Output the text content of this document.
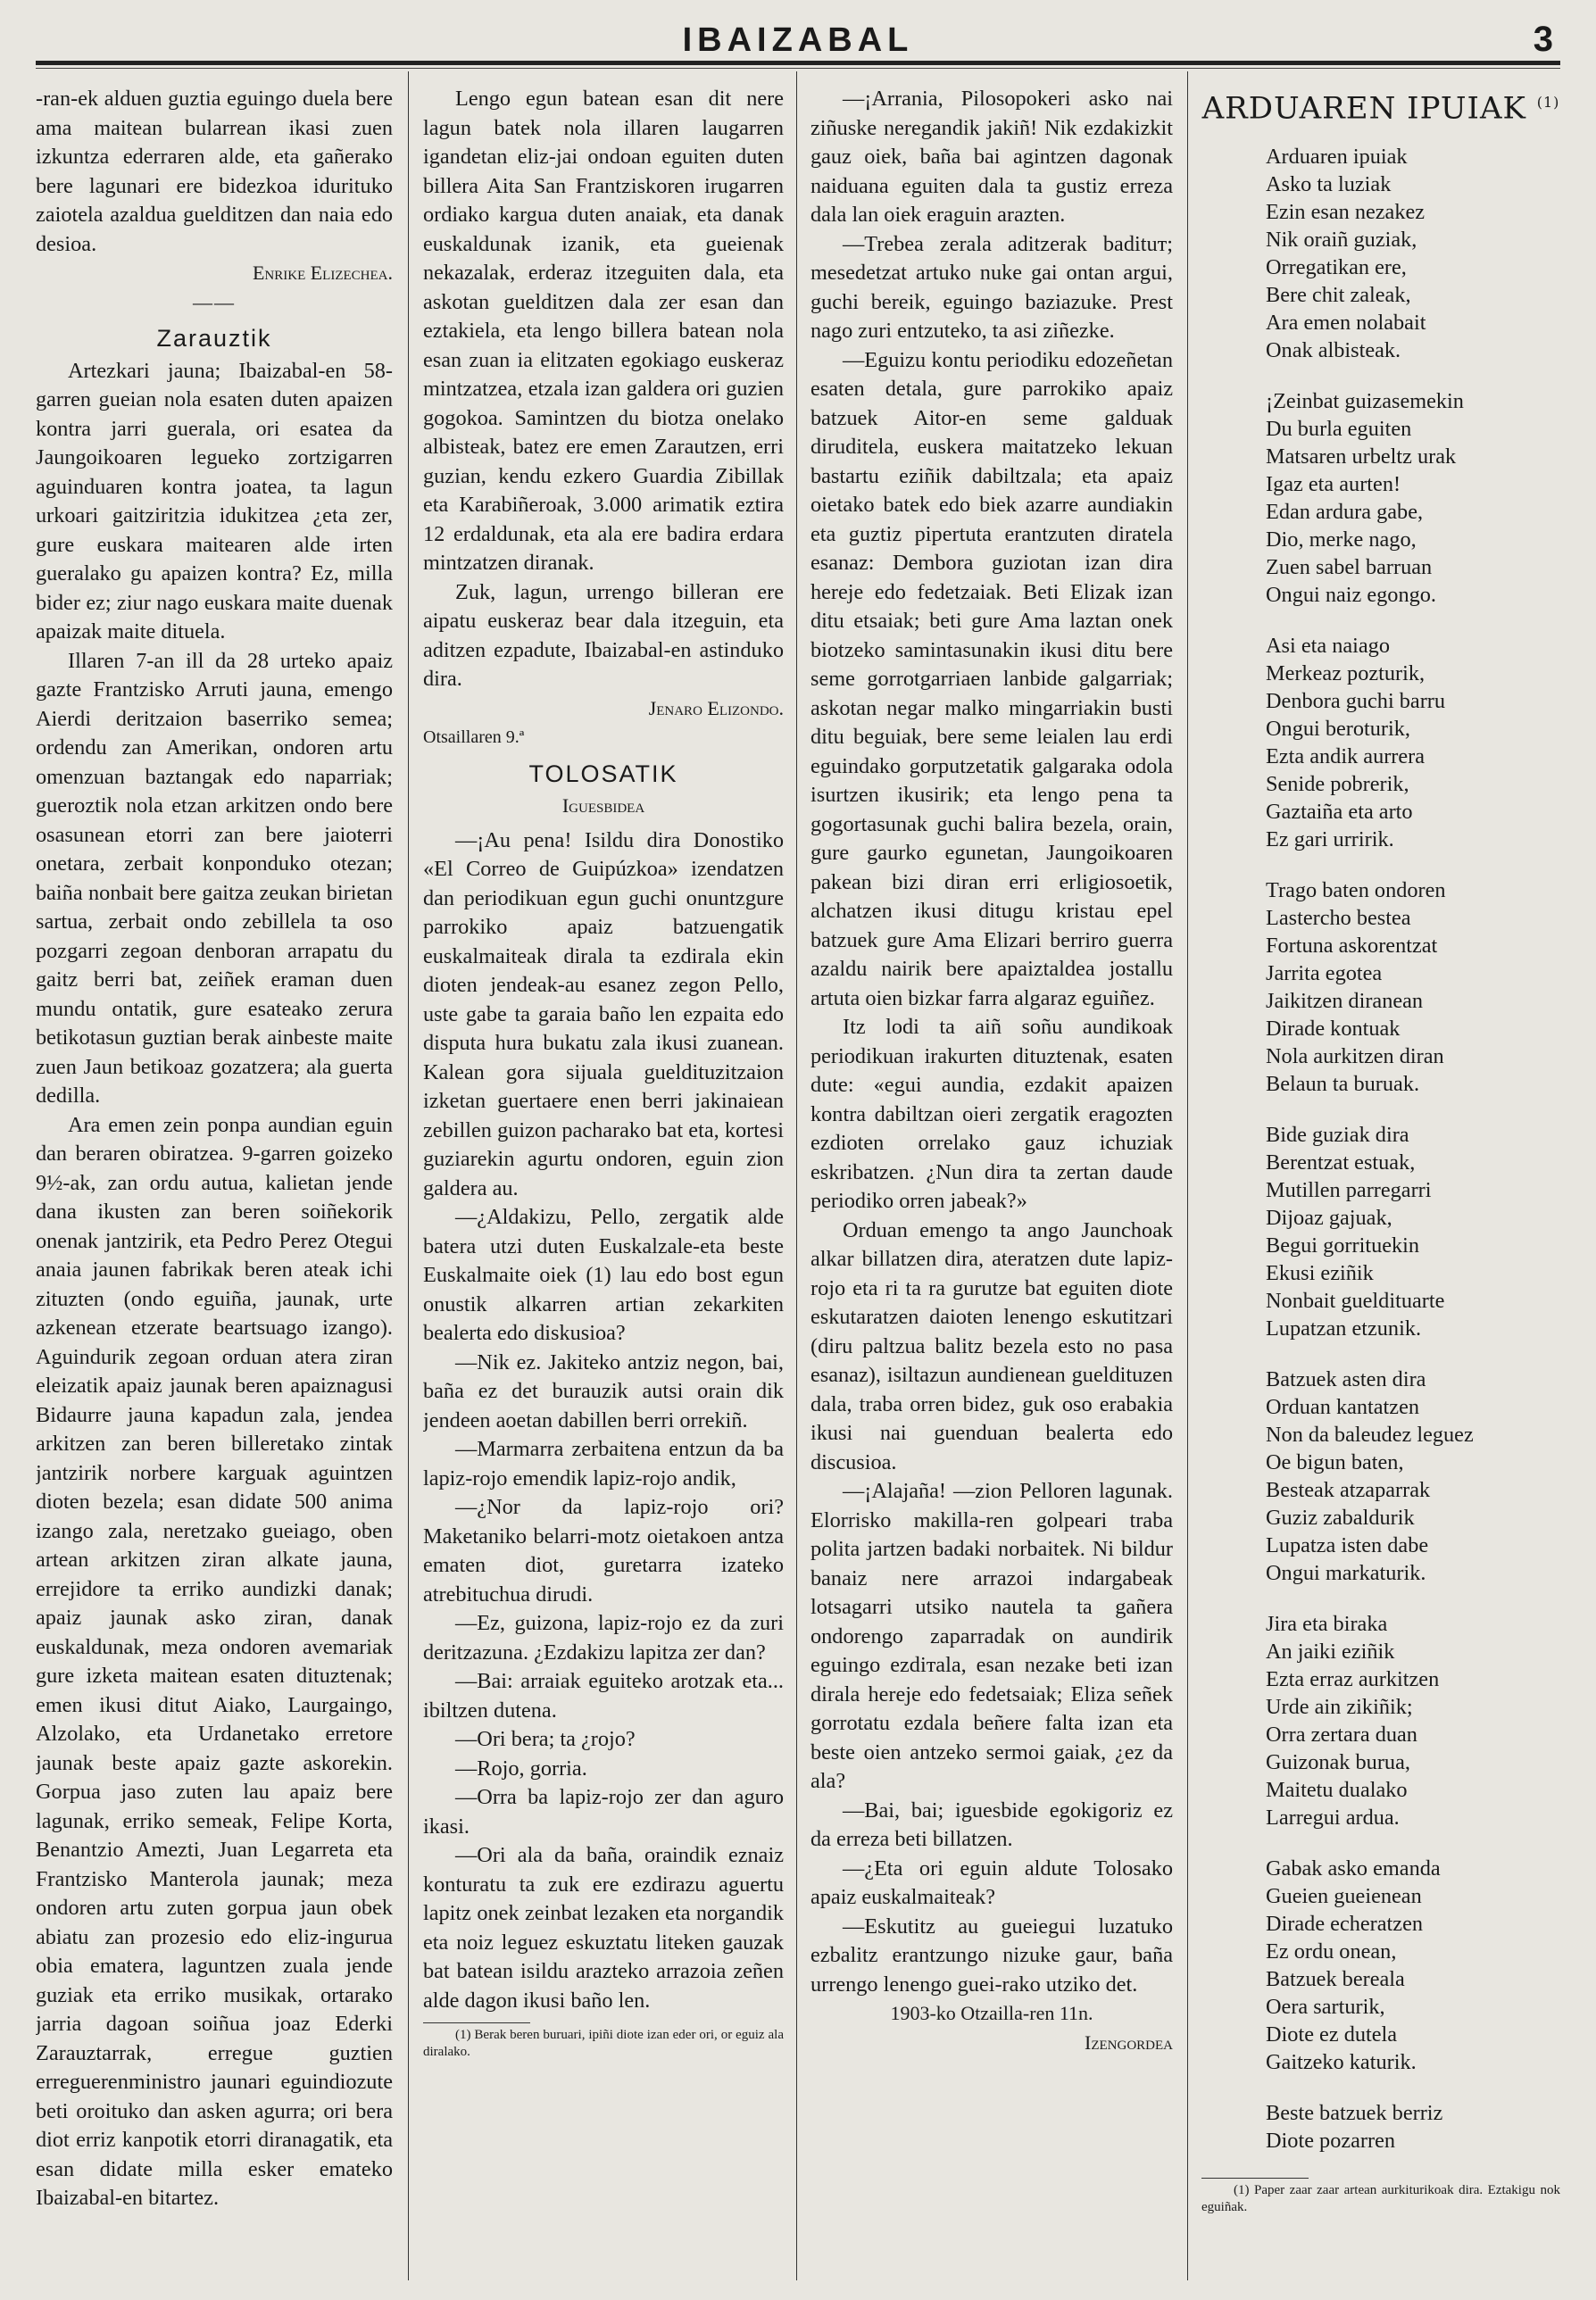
IBAIZABAL	3

-ran-ek alduen guztia eguingo duela bere ama maitean bularrean ikasi zuen izkuntza ederraren alde, eta gañerako bere lagunari ere bidezkoa iduritukо zaiotela azaldua guelditzen dan naia edo desioa.

Enrike Elizechea.
——
Zarauztik

Artezkari jauna; Ibaizabal-en 58-garren gueian nola esaten duten apaizen kontra jarri guerala, ori esatea da Jaungoikoaren legueko zortzigarren aguinduaren kontra joatea, ta lagun urkoari gaitziritzia idukitzea ¿eta zer, gure euskara maitearen alde irten gueralako gu apaizen kontra? Ez, milla bider ez; ziur nago euskara maite duenak apaizak maite dituela.

Illaren 7-an ill da 28 urteko apaiz gazte Frantzisko Arruti jauna, emengo Aierdi deritzaion baserriko semea; ordendu zan Amerikan, ondoren artu omenzuan baztangak edo naparriak; gueroztik nola etzan arkitzen ondo bere osasunean etorri zan bere jaioterri onetara, zerbait konponduko otezan; baiña nonbait bere gaitza zeukan birietan sartua, zerbait ondo zebillela ta oso pozgarri zegoan denboran arrapatu du gaitz berri bat, zeiñek eraman duen mundu ontatik, gure esateako zerura betikotasun guztian berak ainbeste maite zuen Jaun betikoaz gozatzera; ala guerta dedilla.

Ara emen zein ponpa aundian eguin dan beraren obiratzea. 9-garren goizeko 9½-ak, zan ordu autua, kalietan jende dana ikusten zan beren soiñekorik onenak jantzirik, eta Pedro Perez Otegui anaia jaunen fabrikak beren ateak ichi zituzten (ondo eguiña, jaunak, urte azkenean etzerate beartsuago izango). Aguindurik zegoan orduan atera ziran eleizatik apaiz jaunak beren apaiznagusi Bidaurre jauna kapadun zala, jendea arkitzen zan beren billeretako zintak jantzirik norbere karguak aguintzen dioten bezela; esan didate 500 anima izango zala, neretzako gueiago, oben artean arkitzen ziran alkate jauna, errejidore ta erriko aundizki danak; apaiz jaunak asko ziran, danak euskaldunak, meza ondoren avemariak gure izketa maitean esaten dituztenak; emen ikusi ditut Aiako, Laurgaingo, Alzolako, eta Urdanetako erretore jaunak beste apaiz gazte askorekin. Gorpua jaso zuten lau apaiz bere lagunak, erriko semeak, Felipe Korta, Benantzio Amezti, Juan Legarreta eta Frantzisko Manterola jaunak; meza ondoren artu zuten gorpua jaun obek abiatu zan prozesio edo eliz-ingurua obia ematera, laguntzen zuala jende guziak eta erriko musikak, ortarako jarria dagoan soiñua joaz Ederki Zarauztarrak, erregue guztien erreguerenministro jaunari eguindiozute beti oroituko dan asken agurra; ori bera diot erriz kanpotik etorri diranagatik, eta esan didate milla esker emateko Ibaizabal-en bitartez.

Lengo egun batean esan dit nere lagun batek nola illaren laugarren igandetan eliz-jai ondoan eguiten duten billera Aita San Frantziskoren irugarren ordiako kargua duten anaiak, eta danak euskaldunak izanik, eta gueienak nekazalak, erderaz itzeguiten dala, eta askotan guelditzen dala zer esan dan eztakiela, eta lengo billera batean nola esan zuan ia elitzaten egokiago euskeraz mintzatzea, etzala izan galdera ori guzien gogokoa. Samintzen du biotza onelako albisteak, batez ere emen Zarautzen, erri guzian, kendu ezkero Guardia Zibillak eta Karabiñeroak, 3.000 arimatik eztira 12 erdaldunak, eta ala ere badira erdara mintzatzen diranak.

Zuk, lagun, urrengo billeran ere aipatu euskeraz bear dala itzeguin, eta aditzen ezpadute, Ibaizabal-en astinduko dira.

Jenaro Elizondo.
Otsaillaren 9.ª
TOLOSATIK
Iguesbidea

—¡Au pena! Isildu dira Donostiko «El Correo de Guipúzkoa» izendatzen dan periodikuan egun guchi onuntzgure parrokiko apaiz batzuengatik euskalmaiteak dirala ta ezdirala ekin dioten jendeak-au esanez zegon Pello, uste gabe ta garaia baño len ezpaita edo disputa hura bukatu zala ikusi zuanean. Kalean gora sijuala gueldituzitzaion izketan guertaere enen berri jakinaiean zebillen guizon pacharako bat eta, kortesi guziarekin agurtu ondoren, eguin zion galdera au.

—¿Aldakizu, Pello, zergatik alde batera utzi duten Euskalzale-eta beste Euskalmaite oiek (1) lau edo bost egun onustik alkarren artian zekarkiten bealerta edo diskusioa?

—Nik ez. Jakiteko antziz negon, bai, baña ez det burauzik autsi orain dik jendeen aoetan dabillen berri orrekiñ.

—Marmarra zerbaitena entzun da ba lapiz-rojo emendik lapiz-rojo andik,

—¿Nor da lapiz-rojo ori? Maketaniko belarri-motz oietakoen antza ematen diot, guretarra izateko atrebituchua dirudi.

—Ez, guizona, lapiz-rojo ez da zuri deritzazuna. ¿Ezdakizu lapitza zer dan?

—Bai: arraiak eguiteko arotzak eta... ibiltzen dutena.

—Ori bera; ta ¿rojo?

—Rojo, gorria.

—Orra ba lapiz-rojo zer dan aguro ikasi.

—Ori ala da baña, oraindik eznaiz konturatu ta zuk ere ezdirazu aguertu lapitz onek zeinbat lezaken eta norgandik eta noiz leguez eskuztatu liteken gauzak bat batean isildu arazteko arrazoia zeñen alde dagon ikusi baño len.

(1) Berak beren buruari, ipiñi diote izan eder ori, or eguiz ala diralako.

—¡Arrania, Pilosopokeri asko nai ziñuske neregandik jakiñ! Nik ezdakizkit gauz oiek, baña bai agintzen dagonak naiduana eguiten dala ta gustiz erreza dala lan oiek eraguin arazten.

—Trebea zerala aditzerak badituт; mesedetzat artuko nuke gai ontan argui, guchi bereik, eguingo baziazuke. Prest nago zuri entzuteko, ta asi ziñezke.

—Eguizu kontu periodiku edozeñetan esaten detala, gure parrokiko apaiz batzuek Aitor-en seme galduak diruditela, euskera maitatzeko lekuan bastartu eziñik dabiltzala; eta apaiz oietako batek edo biek azarre aundiakin eta guztiz pipertuta erantzuten diratela esanaz: Dembora guziotan izan dira hereje edo fedetzaiak. Beti Elizak izan ditu etsaiak; beti gure Ama laztan onek biotzeko samintasunakin ikusi ditu bere seme gorrotgarriaen lanbide galgarriak; askotan negar malko mingarriakin busti ditu beguiak, bere seme leialen lau erdi eguindako gorputzetatik galgaraka odola isurtzen ikusirik; eta lengo pena ta gogortasunak guchi balira bezela, orain, gure gaurko egunetan, Jaungoikoaren pakean bizi diran erri erligiosoetik, alchatzen ikusi ditugu kristau epel batzuek gure Ama Elizari berriro guerra azaldu nairik bere apaiztaldea jostallu artuta oien bizkar farra algaraz eguiñez.

Itz lodi ta aiñ soñu aundikoak periodikuan irakurten dituztenak, esaten dute: «egui aundia, ezdakit apaizen kontra dabiltzan oieri zergatik eragozten ezdioten orrelako gauz ichuziak eskribatzen. ¿Nun dira ta zertan daude periodiko orren jabeak?»

Orduan emengo ta ango Jaunchoak alkar billatzen dira, ateratzen dute lapiz-rojo eta ri ta ra gurutze bat eguiten diote eskutaratzen daioten lenengo eskutitzari (diru paltzua balitz bezela esto no pasa esanaz), isiltazun aundienean gueldituzen dala, traba orren bidez, guk oso erabakia ikusi nai guenduan bealerta edo discusioa.

—¡Alajaña! —zion Pelloren lagunak. Elorrisko makilla-ren golpeari traba polita jartzen badaki norbaitek. Ni bildur banaiz nere arrazoi indargabeak lotsagarri utsiko nautela ta gañera ondorengo zaparradak on aundirik eguingo ezdiтala, esan nezake beti izan dirala hereje edo fedetsaiak; Eliza señek gorrotatu ezdala beñere falta izan eta beste oien antzeko sermoi gaiak, ¿ez da ala?

—Bai, bai; iguesbide egokigoriz ez da erreza beti billatzen.

—¿Eta ori eguin aldute Tolosako apaiz euskalmaiteak?

—Eskutitz au gueiegui luzatuko ezbalitz erantzungo nizuke gaur, baña urrengo lenengo guei-rako utziko det.

1903-ko Otzailla-ren 11n.
Izengordea
ARDUAREN IPUIAK $^{(1)}$
Arduaren ipuiak
Asko ta luziak
Ezin esan nezakez
Nik oraiñ guziak,
Orregatikan ere,
Bere chit zaleak,
Ara emen nolabait
Onak albisteak.
¡Zeinbat guizasemekin
Du burla eguiten
Matsaren urbeltz urak
Igaz eta aurten!
Edan ardura gabe,
Dio, merke nago,
Zuen sabel barruan
Ongui naiz egongo.
Asi eta naiago
Merkeaz pozturik,
Denbora guchi barru
Ongui beroturik,
Ezta andik aurrera
Senide pobrerik,
Gaztaiña eta arto
Ez gari urririk.
Trago baten ondoren
Lastercho bestea
Fortuna askorentzat
Jarrita egotea
Jaikitzen diranean
Dirade kontuak
Nola aurkitzen diran
Belaun ta buruak.
Bide guziak dira
Berentzat estuak,
Mutillen parregarri
Dijoaz gajuak,
Begui gorrituekin
Ekusi eziñik
Nonbait gueldituarte
Lupatzan etzunik.
Batzuek asten dira
Orduan kantatzen
Non da baleudez leguez
Oe bigun baten,
Besteak atzaparrak
Guziz zabaldurik
Lupatza isten dabe
Ongui markaturik.
Jira eta biraka
An jaiki eziñik
Ezta erraz aurkitzen
Urde ain zikiñik;
Orra zertara duan
Guizonak burua,
Maitetu dualako
Larregui ardua.
Gabak asko emanda
Gueien gueienean
Dirade echeratzen
Ez ordu onean,
Batzuek bereala
Oera sarturik,
Diote ez dutela
Gaitzeko katurik.
Beste batzuek berriz
Diote pozarren

(1) Paper zaar zaar artean aurkiturikoak dira. Eztakigu nok eguiñak.
